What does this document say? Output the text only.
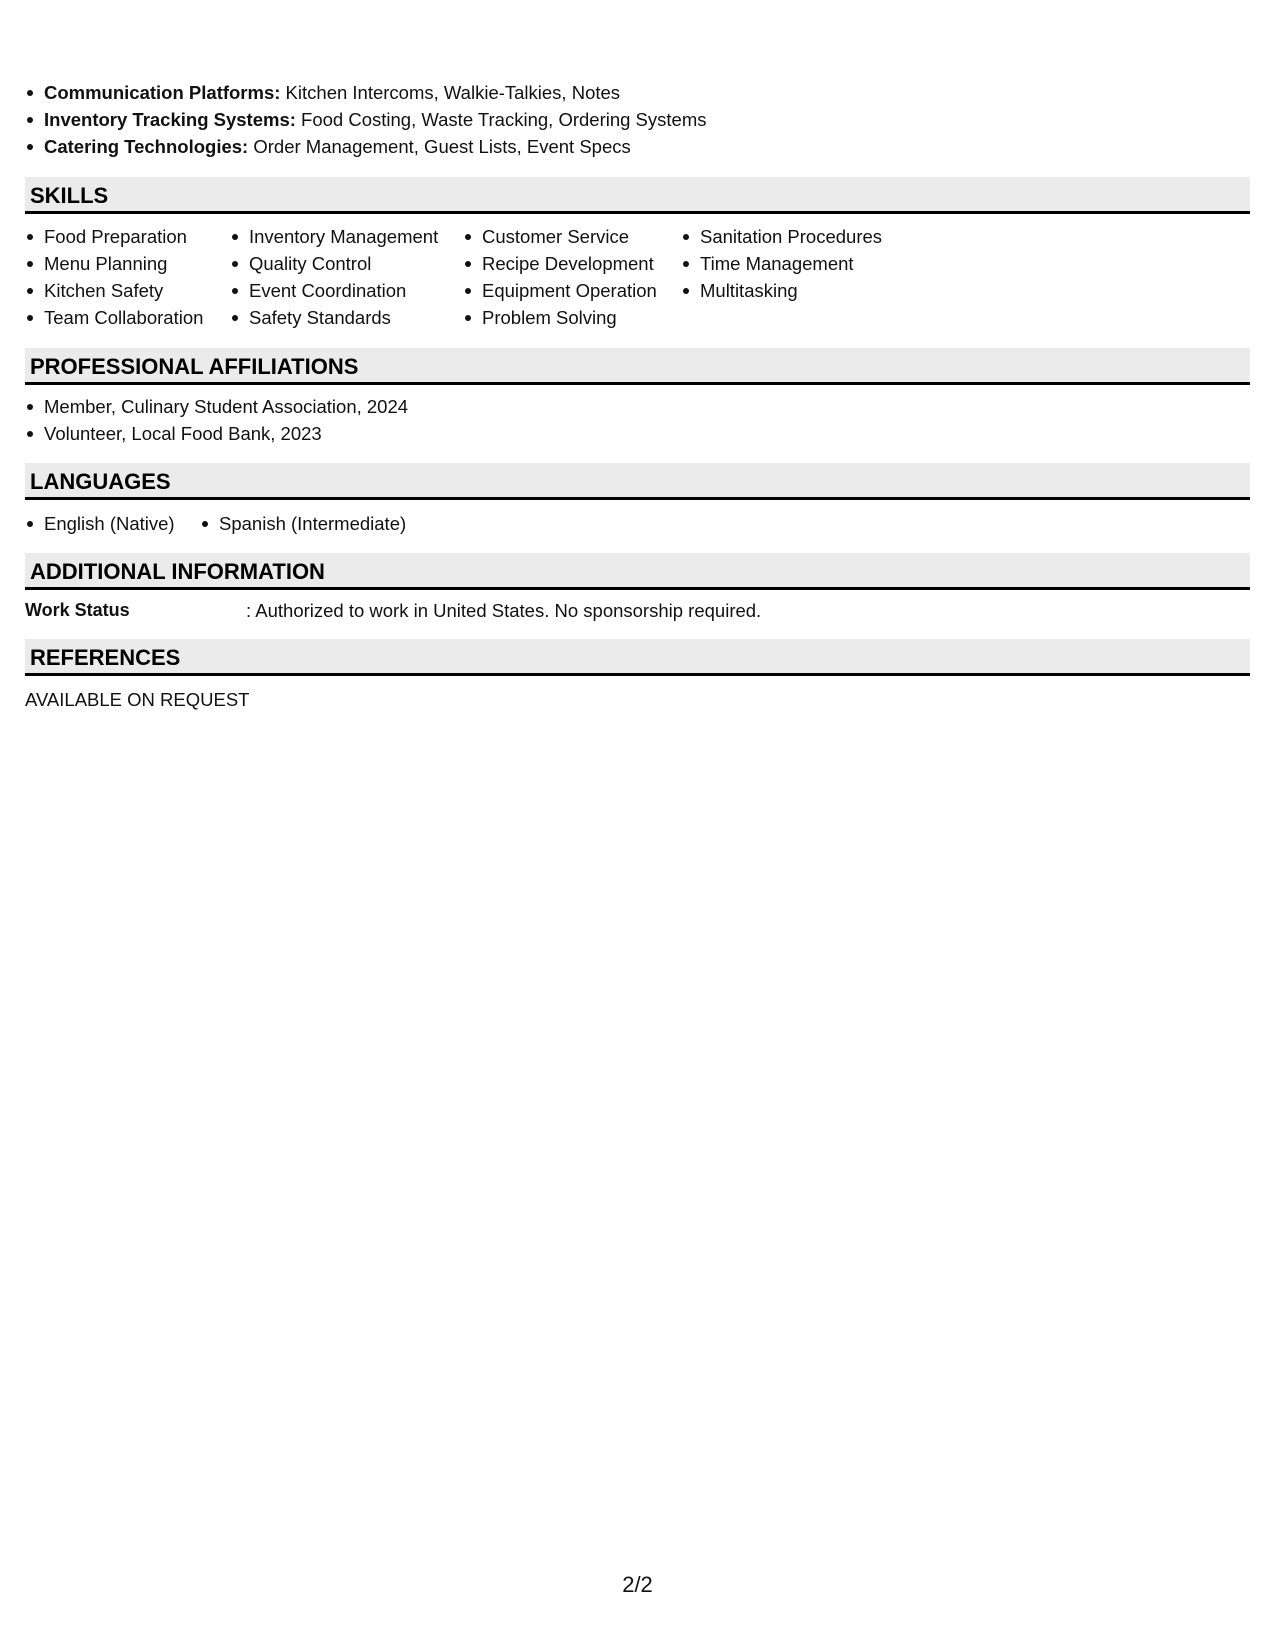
Communication Platforms: Kitchen Intercoms, Walkie-Talkies, Notes
Inventory Tracking Systems: Food Costing, Waste Tracking, Ordering Systems
Catering Technologies: Order Management, Guest Lists, Event Specs
SKILLS
Food Preparation
Menu Planning
Kitchen Safety
Team Collaboration
Inventory Management
Quality Control
Event Coordination
Safety Standards
Customer Service
Recipe Development
Equipment Operation
Problem Solving
Sanitation Procedures
Time Management
Multitasking
PROFESSIONAL AFFILIATIONS
Member, Culinary Student Association, 2024
Volunteer, Local Food Bank, 2023
LANGUAGES
English (Native)	Spanish (Intermediate)
ADDITIONAL INFORMATION
Work Status	: Authorized to work in United States. No sponsorship required.
REFERENCES
AVAILABLE ON REQUEST
2/2
